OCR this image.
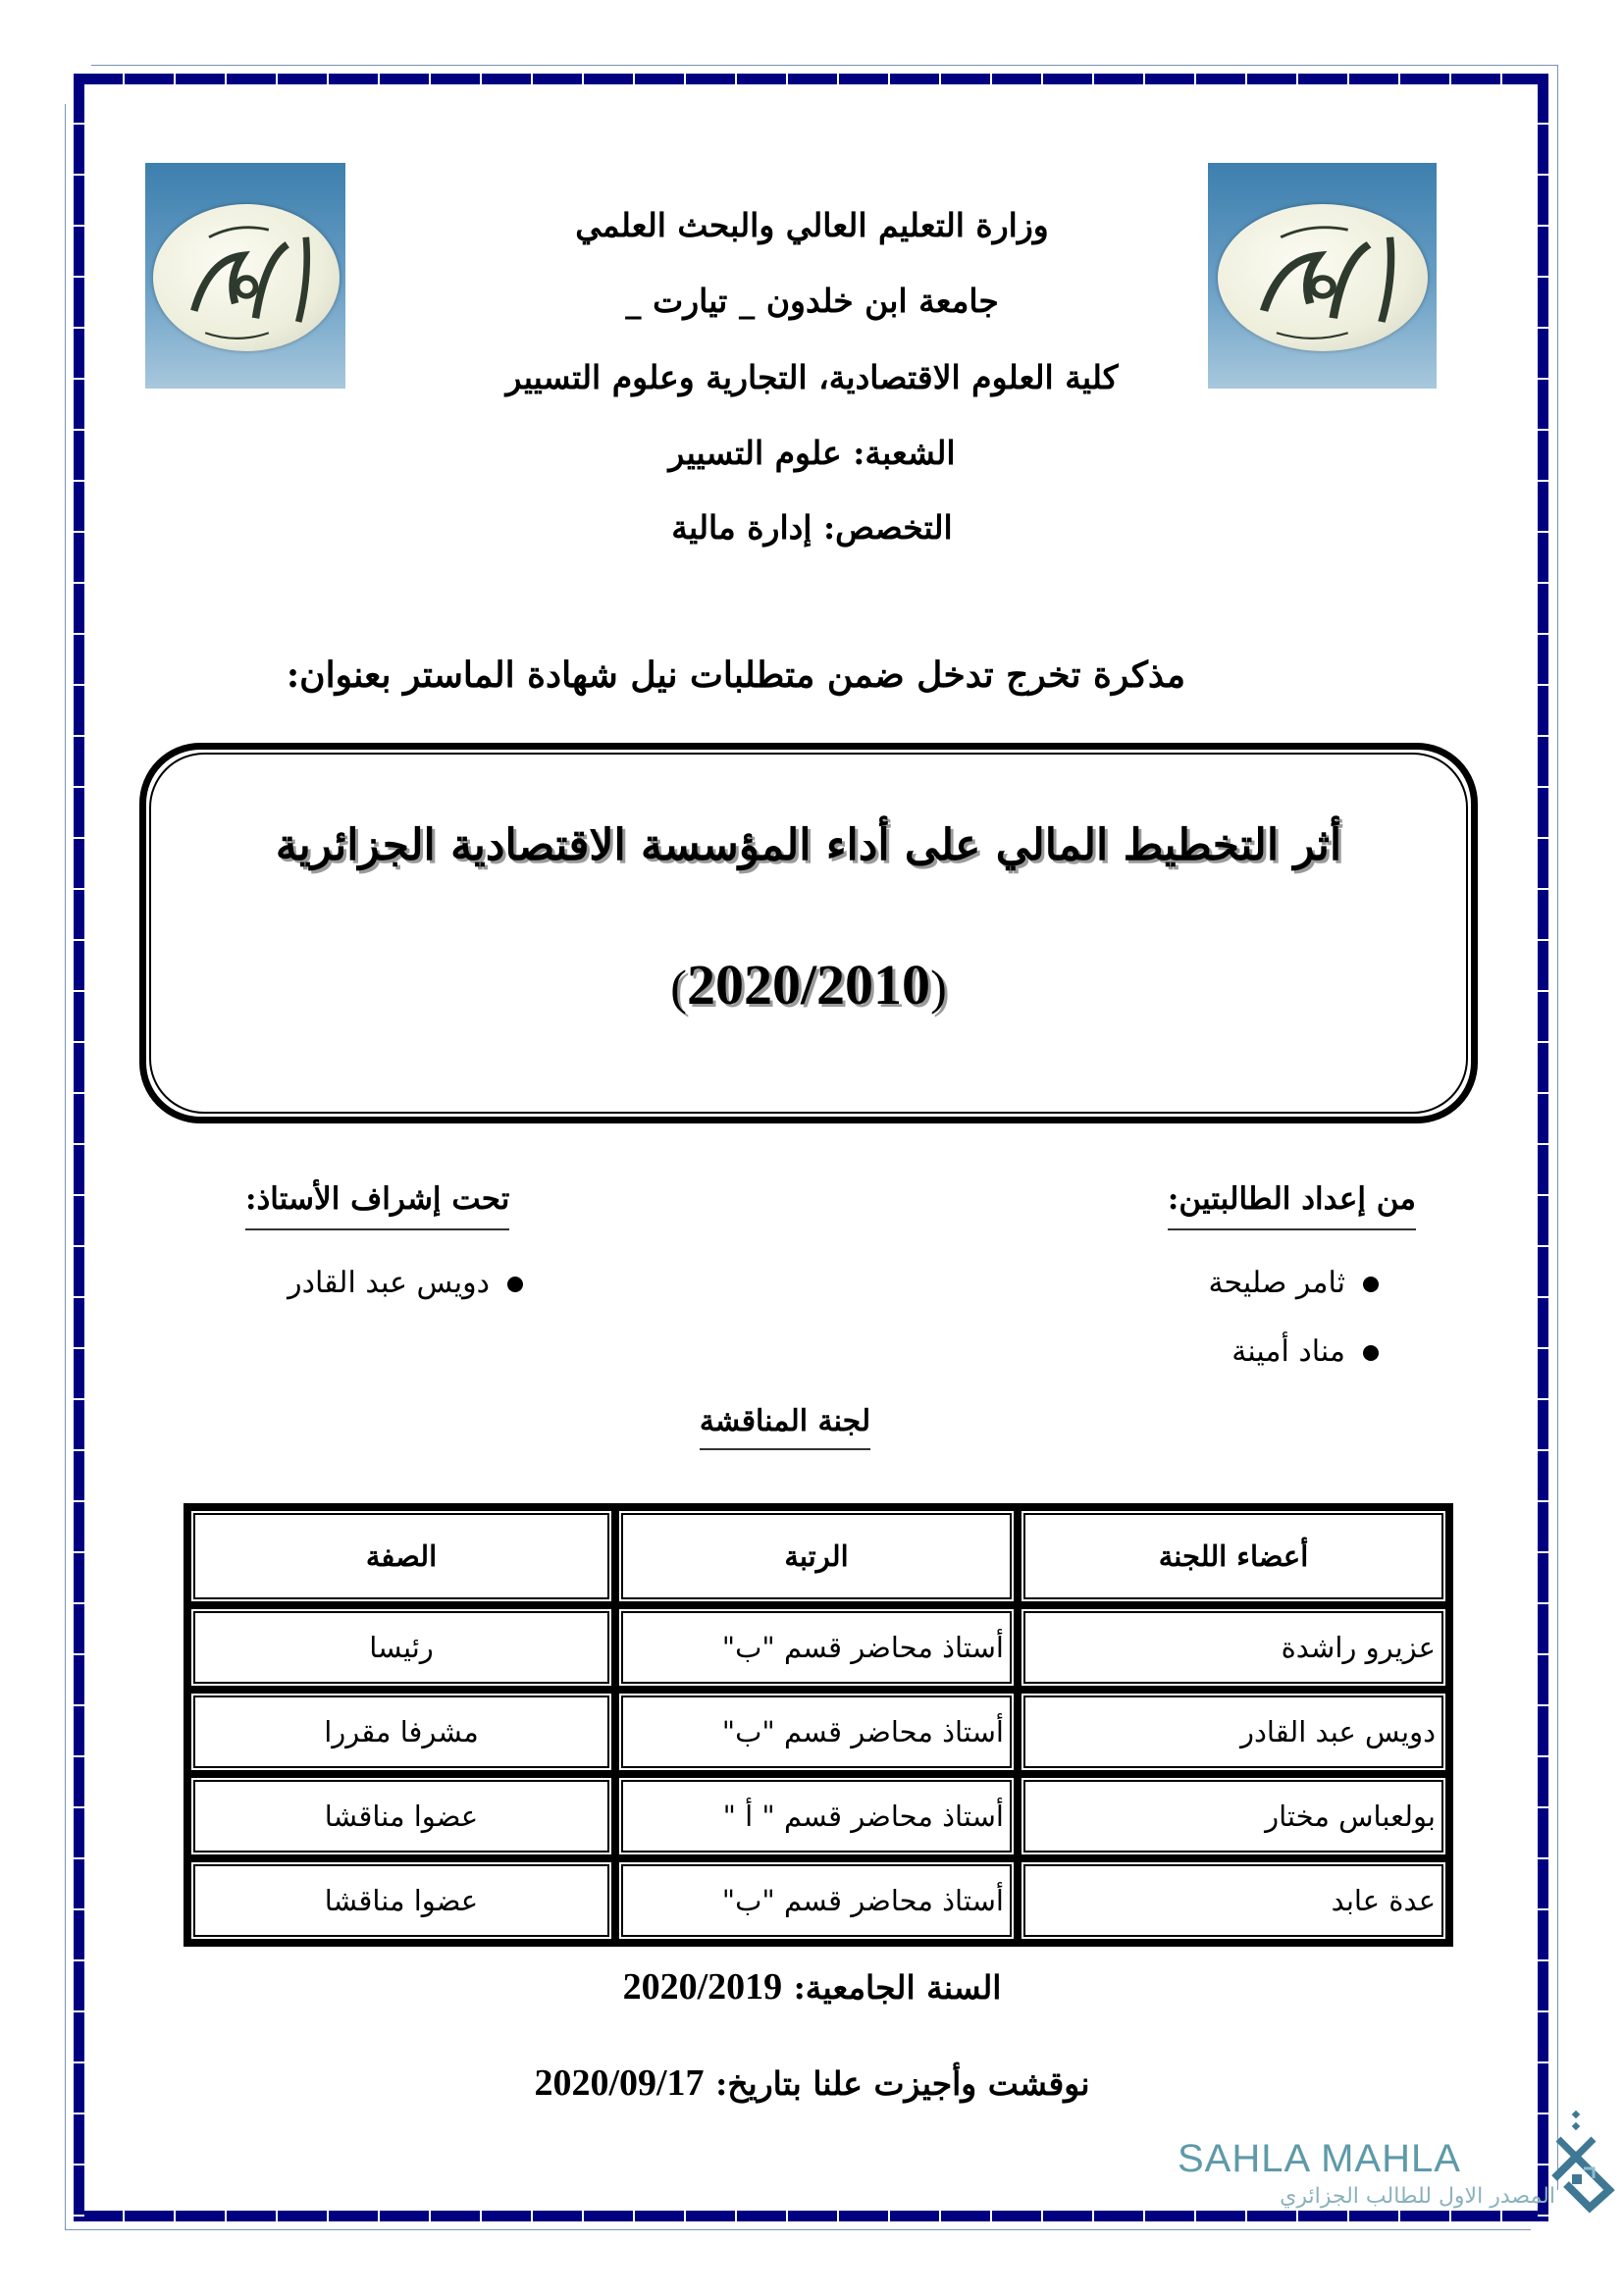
وزارة التعليم العالي والبحث العلمي
جامعة ابن خلدون _ تيارت _
كلية العلوم الاقتصادية، التجارية وعلوم التسيير
الشعبة: علوم التسيير
التخصص: إدارة مالية
مذكرة تخرج تدخل ضمن متطلبات نيل شهادة الماستر بعنوان:
أثر التخطيط المالي على أداء المؤسسة الاقتصادية الجزائرية
(2020/2010)
من إعداد الطالبتين:
ثامر صليحة
مناد أمينة
تحت إشراف الأستاذ:
دويس عبد القادر
لجنة المناقشة
أعضاء اللجنة
الرتبة
الصفة
عزيرو راشدة
أستاذ محاضر قسم "ب"
رئيسا
دويس عبد القادر
أستاذ محاضر قسم "ب"
مشرفا مقررا
بولعباس مختار
أستاذ محاضر قسم " أ "
عضوا مناقشا
عدة عابد
أستاذ محاضر قسم "ب"
عضوا مناقشا
السنة الجامعية: 2020/2019
نوقشت وأجيزت علنا بتاريخ: 2020/09/17
SAHLA MAHLA
المصدر الاول للطالب الجزائري
